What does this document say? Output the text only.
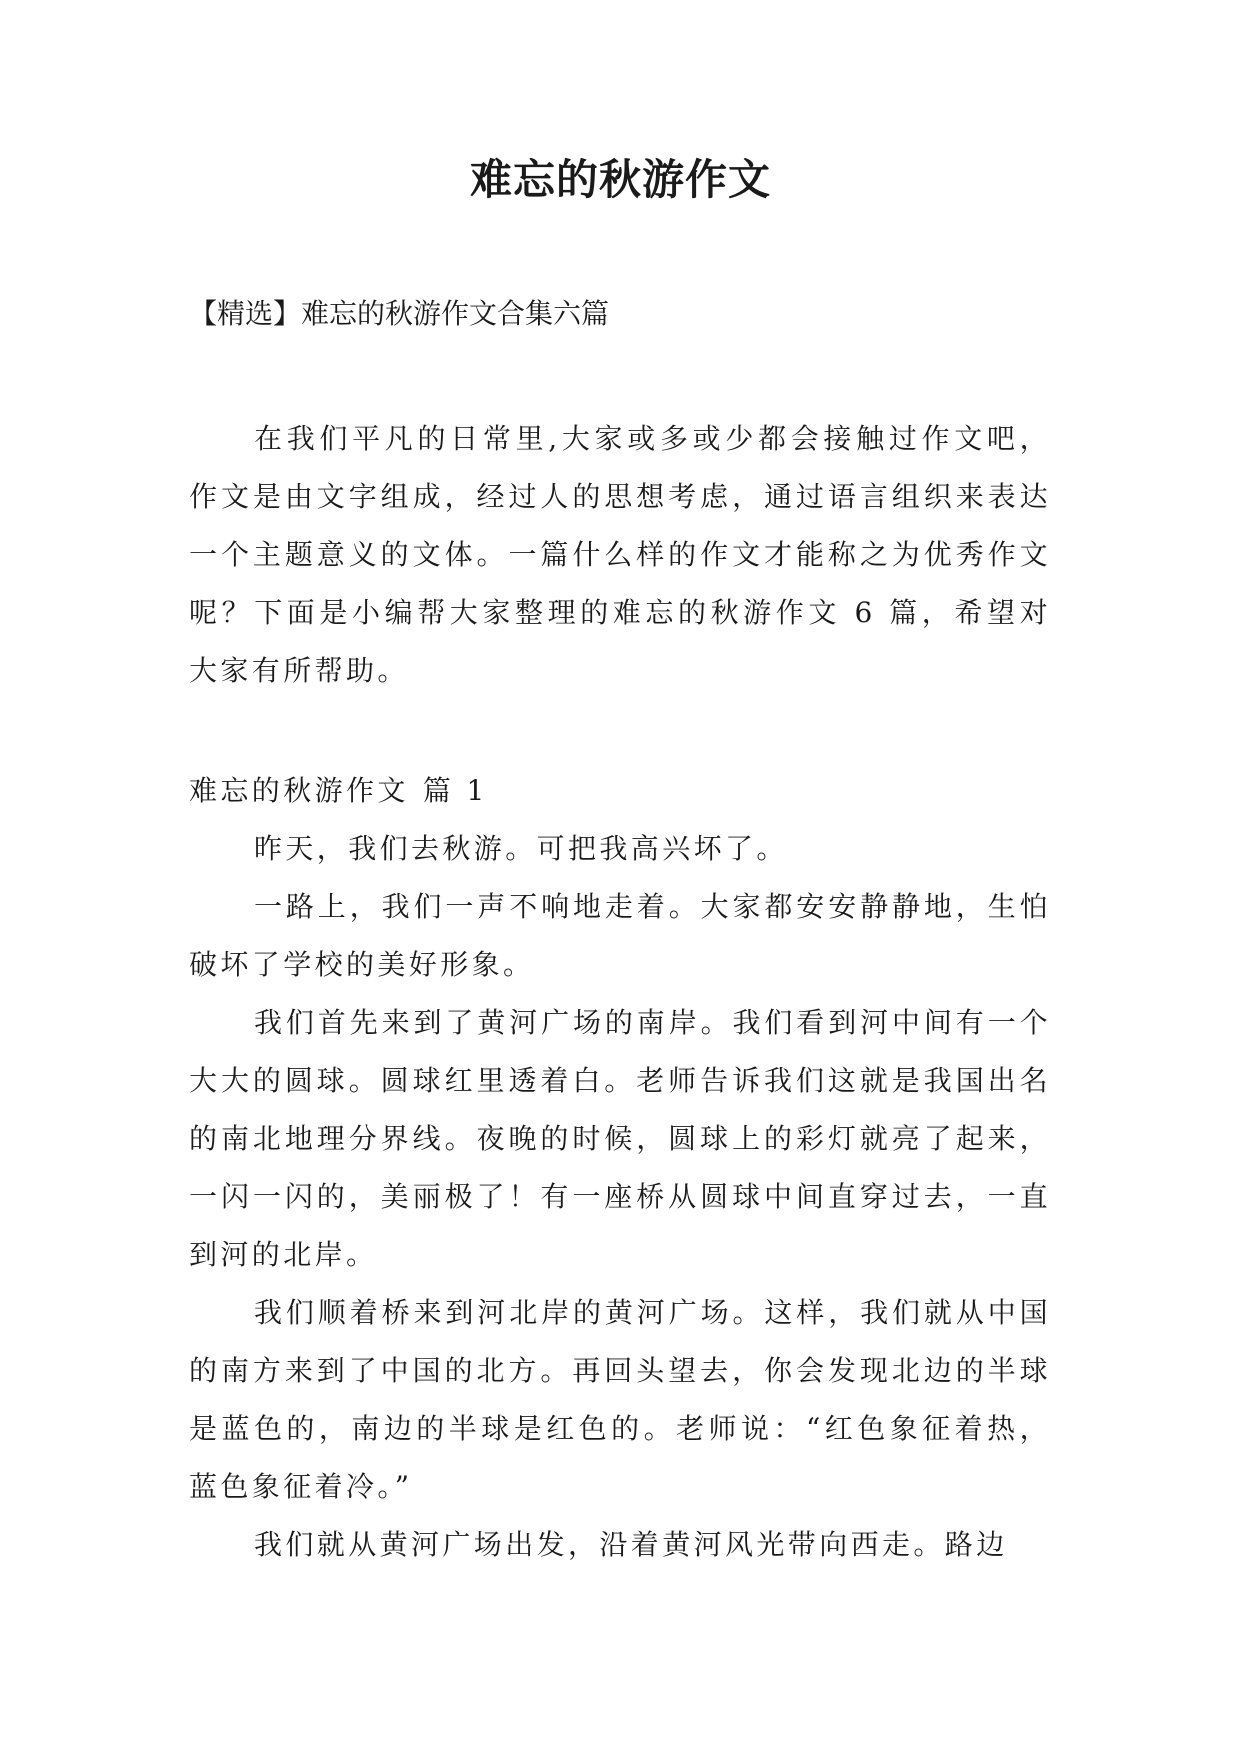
难忘的秋游作文

【精选】难忘的秋游作文合集六篇

在我们平凡的日常里,大家或多或少都会接触过作文吧，作文是由文字组成，经过人的思想考虑，通过语言组织来表达一个主题意义的文体。一篇什么样的作文才能称之为优秀作文呢？下面是小编帮大家整理的难忘的秋游作文 6 篇，希望对大家有所帮助。

难忘的秋游作文 篇 1

昨天，我们去秋游。可把我高兴坏了。

一路上，我们一声不响地走着。大家都安安静静地，生怕破坏了学校的美好形象。

我们首先来到了黄河广场的南岸。我们看到河中间有一个大大的圆球。圆球红里透着白。老师告诉我们这就是我国出名的南北地理分界线。夜晚的时候，圆球上的彩灯就亮了起来，一闪一闪的，美丽极了！有一座桥从圆球中间直穿过去，一直到河的北岸。

我们顺着桥来到河北岸的黄河广场。这样，我们就从中国的南方来到了中国的北方。再回头望去，你会发现北边的半球是蓝色的，南边的半球是红色的。老师说：“红色象征着热，蓝色象征着冷。”

我们就从黄河广场出发，沿着黄河风光带向西走。路边
